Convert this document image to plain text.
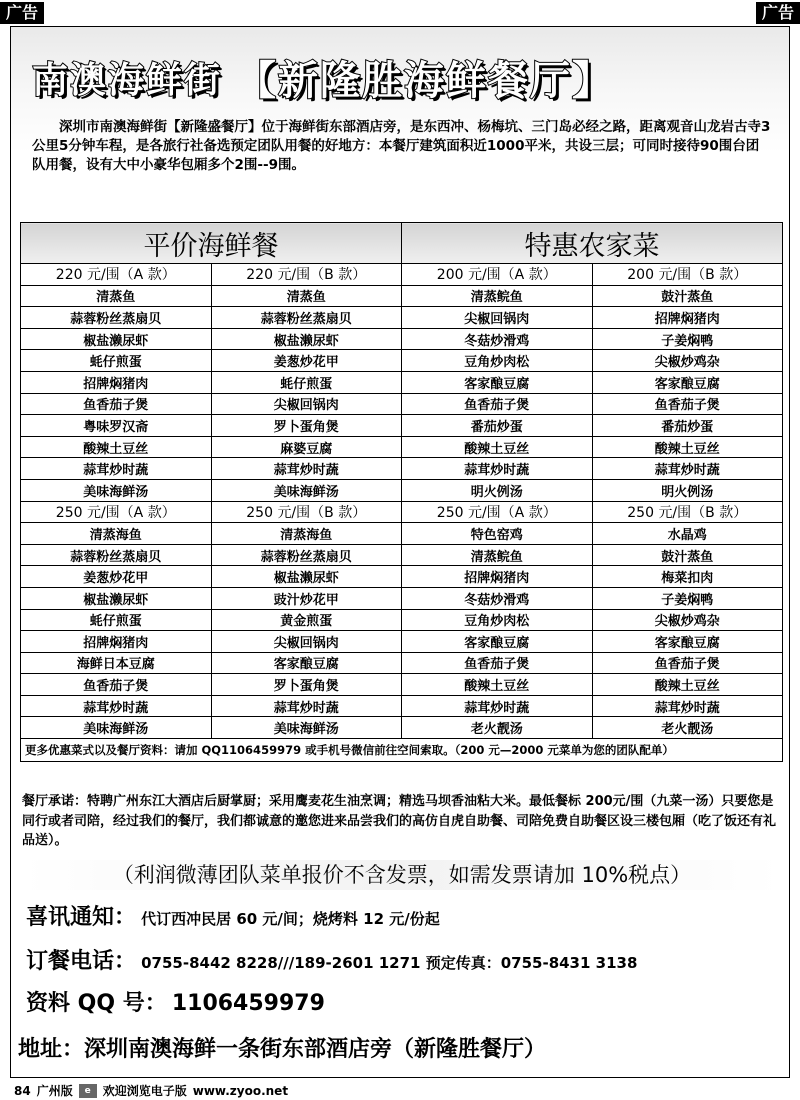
广告	广告
南澳海鲜街 【新隆胜海鲜餐厅】
深圳市南澳海鲜街【新隆盛餐厅】位于海鲜街东部酒店旁，是东西冲、杨梅坑、三门岛必经之路，距离观音山龙岩古寺3公里5分钟车程，是各旅行社备选预定团队用餐的好地方：本餐厅建筑面积近1000平米，共设三层；可同时接待90围台团队用餐，设有大中小豪华包厢多个2围--9围。
平价海鲜餐		特惠农家菜	
220 元/围（A 款）	220 元/围（B 款）	200 元/围（A 款）	200 元/围（B 款）
清蒸鱼	清蒸鱼	清蒸鲩鱼	鼓汁蒸鱼
蒜蓉粉丝蒸扇贝	蒜蓉粉丝蒸扇贝	尖椒回锅肉	招牌焖猪肉
椒盐濑尿虾	椒盐濑尿虾	冬菇炒滑鸡	子姜焖鸭
蚝仔煎蛋	姜葱炒花甲	豆角炒肉松	尖椒炒鸡杂
招牌焖猪肉	蚝仔煎蛋	客家酿豆腐	客家酿豆腐
鱼香茄子煲	尖椒回锅肉	鱼香茄子煲	鱼香茄子煲
粤味罗汉斋	罗卜蛋角煲	番茄炒蛋	番茄炒蛋
酸辣土豆丝	麻婆豆腐	酸辣土豆丝	酸辣土豆丝
蒜茸炒时蔬	蒜茸炒时蔬	蒜茸炒时蔬	蒜茸炒时蔬
美味海鲜汤	美味海鲜汤	明火例汤	明火例汤
250 元/围（A 款）	250 元/围（B 款）	250 元/围（A 款）	250 元/围（B 款）
清蒸海鱼	清蒸海鱼	特色窑鸡	水晶鸡
蒜蓉粉丝蒸扇贝	蒜蓉粉丝蒸扇贝	清蒸鲩鱼	鼓汁蒸鱼
姜葱炒花甲	椒盐濑尿虾	招牌焖猪肉	梅菜扣肉
椒盐濑尿虾	豉汁炒花甲	冬菇炒滑鸡	子姜焖鸭
蚝仔煎蛋	黄金煎蛋	豆角炒肉松	尖椒炒鸡杂
招牌焖猪肉	尖椒回锅肉	客家酿豆腐	客家酿豆腐
海鲜日本豆腐	客家酿豆腐	鱼香茄子煲	鱼香茄子煲
鱼香茄子煲	罗卜蛋角煲	酸辣土豆丝	酸辣土豆丝
蒜茸炒时蔬	蒜茸炒时蔬	蒜茸炒时蔬	蒜茸炒时蔬
美味海鲜汤	美味海鲜汤	老火靓汤	老火靓汤
更多优惠菜式以及餐厅资料：请加 QQ1106459979 或手机号微信前往空间索取。（200 元—2000 元菜单为您的团队配单）			
餐厅承诺：特聘广州东江大酒店后厨掌厨；采用鹰麦花生油烹调；精选马坝香油粘大米。最低餐标 200元/围（九菜一汤）只要您是同行或者司陪，经过我们的餐厅，我们都诚意的邀您进来品尝我们的高仿自虎自助餐、司陪免费自助餐区设三楼包厢（吃了饭还有礼品送）。
（利润微薄团队菜单报价不含发票，如需发票请加 10%税点）
喜讯通知： 代订西冲民居 60 元/间；烧烤料 12 元/份起
订餐电话： 0755-8442 8228///189-2601 1271 预定传真：0755-8431 3138
资料 QQ 号： 1106459979
地址：深圳南澳海鲜一条街东部酒店旁（新隆胜餐厅）
84 广州版	e 欢迎浏览电子版 www.zyoo.net
